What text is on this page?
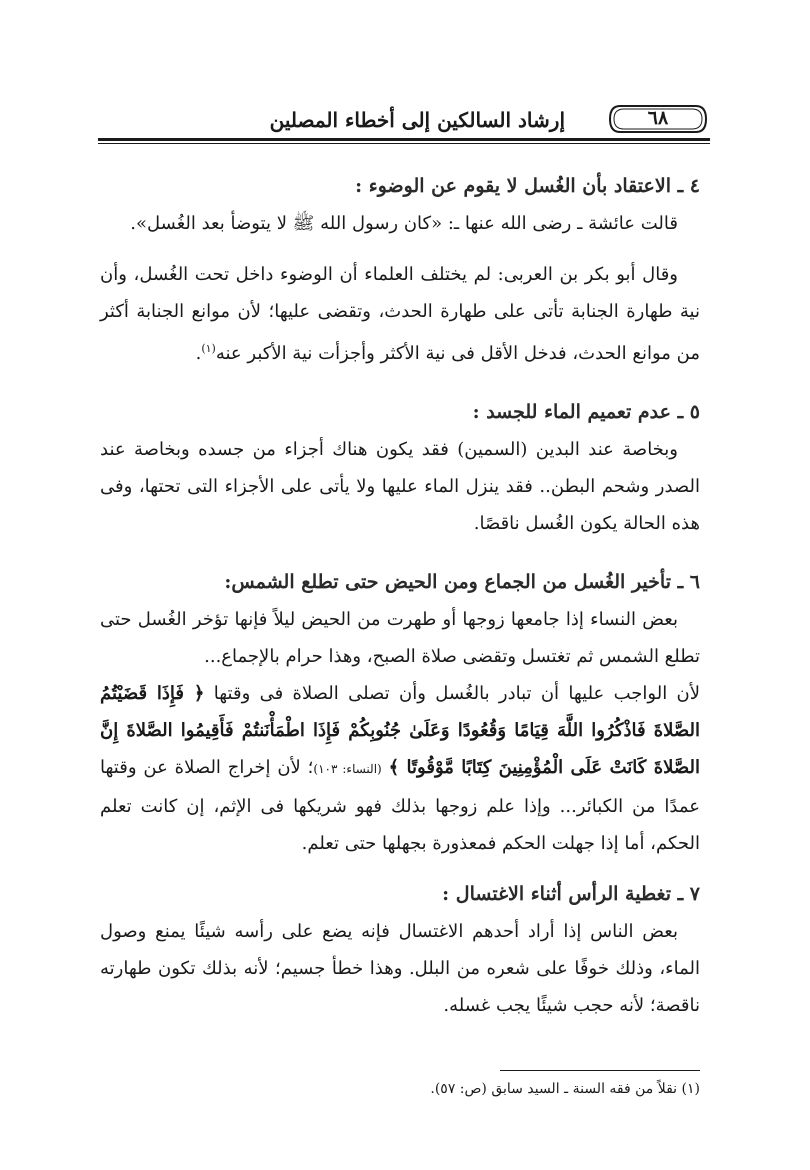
٦٨
إرشاد السالكين إلى أخطاء المصلين

٤ ـ الاعتقاد بأن الغُسل لا يقوم عن الوضوء :

قالت عائشة ـ رضى الله عنها ـ: «كان رسول الله ﷺ لا يتوضأ بعد الغُسل».

وقال أبو بكر بن العربى: لم يختلف العلماء أن الوضوء داخل تحت الغُسل، وأن نية طهارة الجنابة تأتى على طهارة الحدث، وتقضى عليها؛ لأن موانع الجنابة أكثر من موانع الحدث، فدخل الأقل فى نية الأكثر وأجزأت نية الأكبر عنه$^{(١)}$.

٥ ـ عدم تعميم الماء للجسد :

وبخاصة عند البدين (السمين) فقد يكون هناك أجزاء من جسده وبخاصة عند الصدر وشحم البطن.. فقد ينزل الماء عليها ولا يأتى على الأجزاء التى تحتها، وفى هذه الحالة يكون الغُسل ناقصًا.

٦ ـ تأخير الغُسل من الجماع ومن الحيض حتى تطلع الشمس:

بعض النساء إذا جامعها زوجها أو طهرت من الحيض ليلاً فإنها تؤخر الغُسل حتى تطلع الشمس ثم تغتسل وتقضى صلاة الصبح، وهذا حرام بالإجماع...

لأن الواجب عليها أن تبادر بالغُسل وأن تصلى الصلاة فى وقتها ﴿ فَإِذَا قَضَيْتُمُ الصَّلاةَ فَاذْكُرُوا اللَّهَ قِيَامًا وَقُعُودًا وَعَلَىٰ جُنُوبِكُمْ فَإِذَا اطْمَأْنَنتُمْ فَأَقِيمُوا الصَّلاةَ إِنَّ الصَّلاةَ كَانَتْ عَلَى الْمُؤْمِنِينَ كِتَابًا مَّوْقُوتًا ﴾ (النساء: ١٠٣)؛ لأن إخراج الصلاة عن وقتها عمدًا من الكبائر... وإذا علم زوجها بذلك فهو شريكها فى الإثم، إن كانت تعلم الحكم، أما إذا جهلت الحكم فمعذورة بجهلها حتى تعلم.

٧ ـ تغطية الرأس أثناء الاغتسال :

بعض الناس إذا أراد أحدهم الاغتسال فإنه يضع على رأسه شيئًا يمنع وصول الماء، وذلك خوفًا على شعره من البلل. وهذا خطأ جسيم؛ لأنه بذلك تكون طهارته ناقصة؛ لأنه حجب شيئًا يجب غسله.

(١) نقلاً من فقه السنة ـ السيد سابق (ص: ٥٧).
